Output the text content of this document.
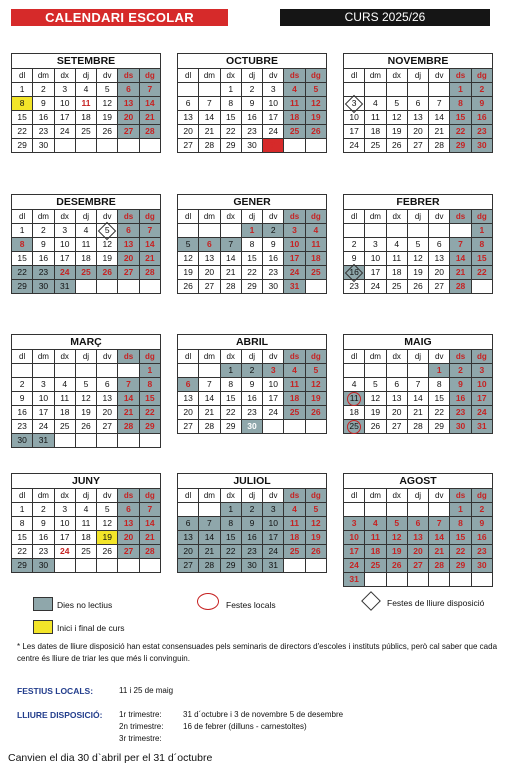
CALENDARI ESCOLAR	CURS 2025/26
SETEMBRE
dl	dm	dx	dj	dv	ds	dg
1	2	3	4	5	6	7
8	9	10	11	12	13	14
15	16	17	18	19	20	21
22	23	24	25	26	27	28
29	30					
OCTUBRE
dl	dm	dx	dj	dv	ds	dg
		1	2	3	4	5
6	7	8	9	10	11	12
13	14	15	16	17	18	19
20	21	22	23	24	25	26
27	28	29	30	31		
NOVEMBRE
dl	dm	dx	dj	dv	ds	dg
					1	2
3	4	5	6	7	8	9
10	11	12	13	14	15	16
17	18	19	20	21	22	23
24	25	26	27	28	29	30
DESEMBRE
dl	dm	dx	dj	dv	ds	dg
1	2	3	4	5	6	7
8	9	10	11	12	13	14
15	16	17	18	19	20	21
22	23	24	25	26	27	28
29	30	31				
GENER
dl	dm	dx	dj	dv	ds	dg
			1	2	3	4
5	6	7	8	9	10	11
12	13	14	15	16	17	18
19	20	21	22	23	24	25
26	27	28	29	30	31	
FEBRER
dl	dm	dx	dj	dv	ds	dg
						1
2	3	4	5	6	7	8
9	10	11	12	13	14	15
16	17	18	19	20	21	22
23	24	25	26	27	28	
MARÇ
dl	dm	dx	dj	dv	ds	dg
						1
2	3	4	5	6	7	8
9	10	11	12	13	14	15
16	17	18	19	20	21	22
23	24	25	26	27	28	29
30	31					
ABRIL
dl	dm	dx	dj	dv	ds	dg
		1	2	3	4	5
6	7	8	9	10	11	12
13	14	15	16	17	18	19
20	21	22	23	24	25	26
27	28	29	30			
MAIG
dl	dm	dx	dj	dv	ds	dg
				1	2	3
4	5	6	7	8	9	10
11	12	13	14	15	16	17
18	19	20	21	22	23	24
25	26	27	28	29	30	31
JUNY
dl	dm	dx	dj	dv	ds	dg
1	2	3	4	5	6	7
8	9	10	11	12	13	14
15	16	17	18	19	20	21
22	23	24	25	26	27	28
29	30					
JULIOL
dl	dm	dx	dj	dv	ds	dg
		1	2	3	4	5
6	7	8	9	10	11	12
13	14	15	16	17	18	19
20	21	22	23	24	25	26
27	28	29	30	31		
AGOST
dl	dm	dx	dj	dv	ds	dg
					1	2
3	4	5	6	7	8	9
10	11	12	13	14	15	16
17	18	19	20	21	22	23
24	25	26	27	28	29	30
31						
Dies no lectius
Inici i final de curs
Festes locals	Festes de lliure disposició
* Les dates de lliure disposició han estat consensuades pels seminaris de directors d'escoles i instituts públics, però cal saber que cada centre és lliure de triar les que més li convinguin.
FESTIUS LOCALS:	11 i 25 de maig
LLIURE DISPOSICIÓ: 1r trimestre:	31 d´octubre i 3 de novembre 5 de desembre
2n trimestre: 16 de febrer (dilluns - carnestoltes)
3r trimestre:
Canvien el dia 30 d`abril per el 31 d´octubre
